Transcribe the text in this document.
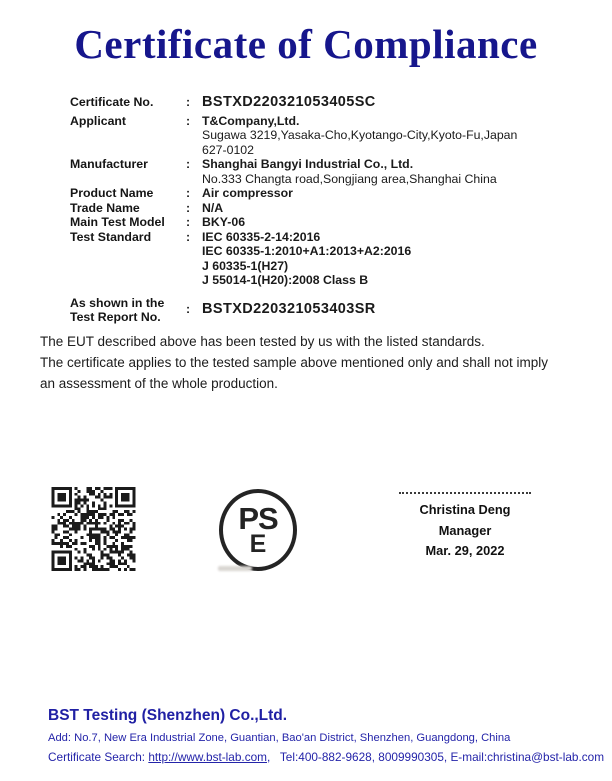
Certificate of Compliance
Certificate No.	: BSTXD220321053405SC
Applicant	: T&Company,Ltd.
Sugawa 3219,Yasaka-Cho,Kyotango-City,Kyoto-Fu,Japan
627-0102
Manufacturer	: Shanghai Bangyi Industrial Co., Ltd.
No.333 Changta road,Songjiang area,Shanghai China
Product Name	: Air compressor
Trade Name	: N/A
Main Test Model	: BKY-06
Test Standard	: IEC 60335-2-14:2016
IEC 60335-1:2010+A1:2013+A2:2016
J 60335-1(H27)
J 55014-1(H20):2008 Class B
As shown in the
Test Report No.
: BSTXD220321053403SR
The EUT described above has been tested by us with the listed standards.
The certificate applies to the tested sample above mentioned only and shall not imply
an assessment of the whole production.
PS
E
Christina Deng
Manager
Mar. 29, 2022
BST Testing (Shenzhen) Co.,Ltd.
Add: No.7, New Era Industrial Zone, Guantian, Bao'an District, Shenzhen, Guangdong, China
Certificate Search: http://www.bst-lab.com,   Tel:400-882-9628, 8009990305, E-mail:christina@bst-lab.com
